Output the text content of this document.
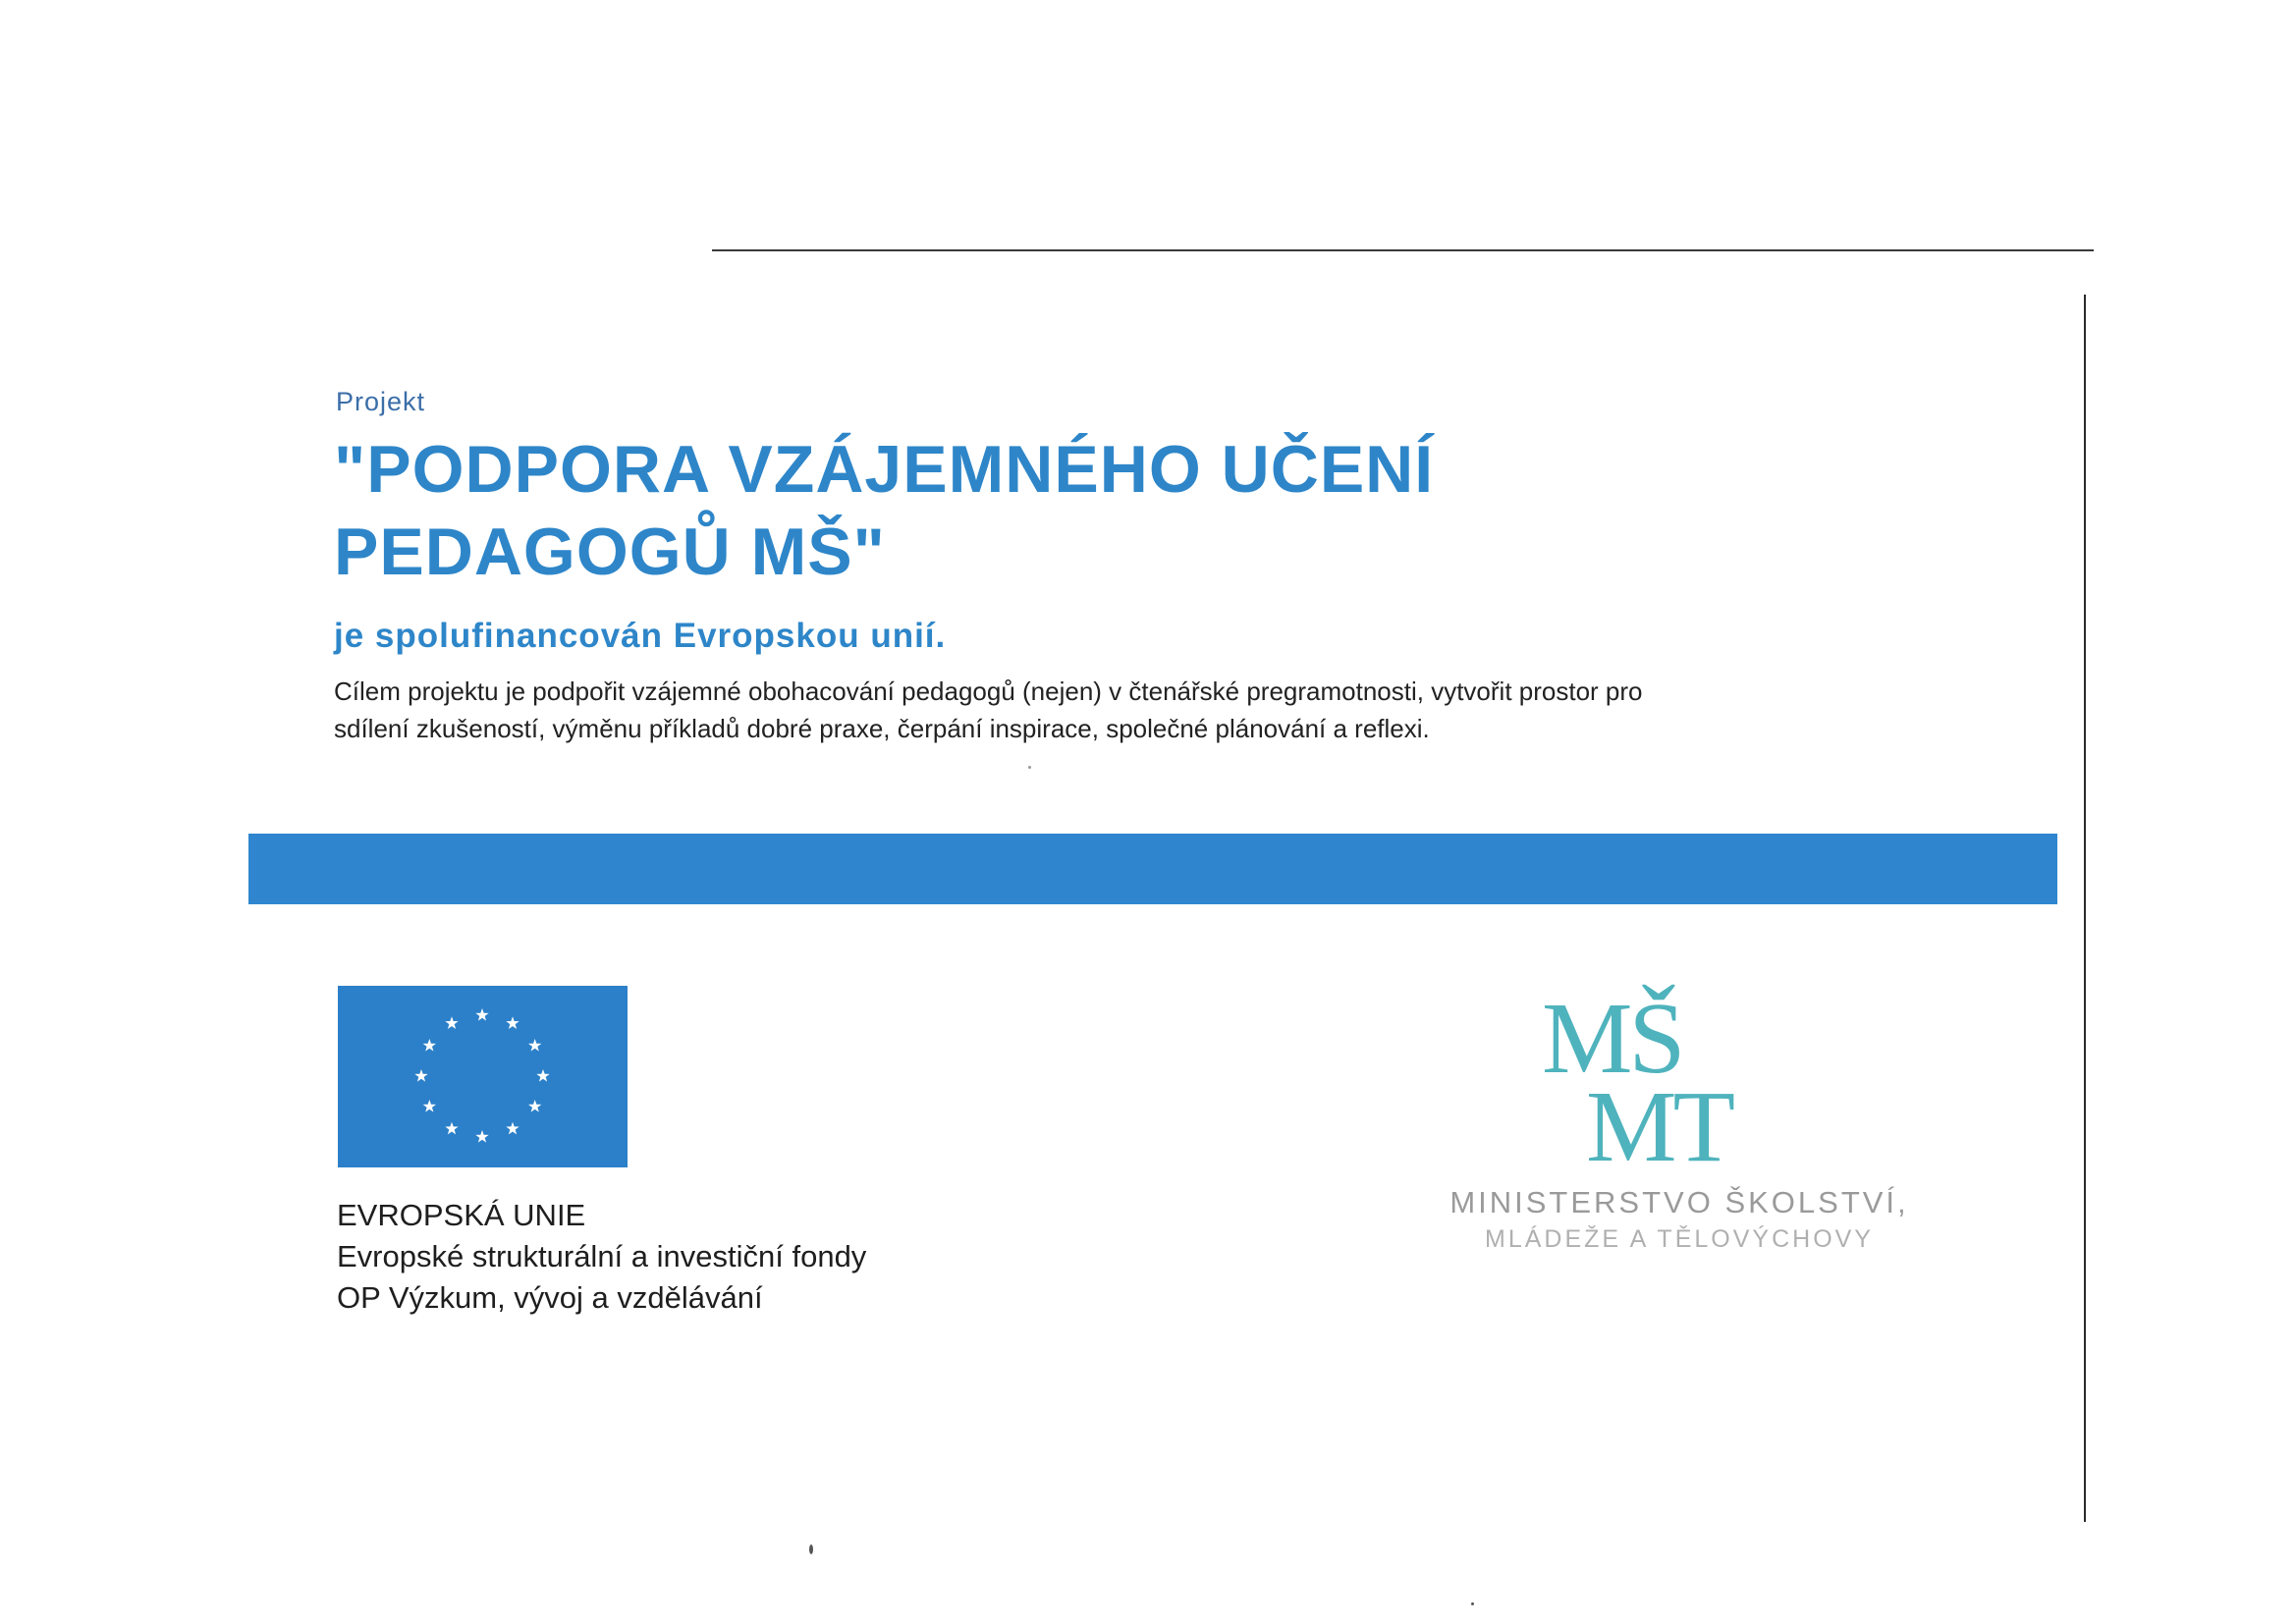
Projekt
"PODPORA VZÁJEMNÉHO UČENÍ
PEDAGOGŮ MŠ"
je spolufinancován Evropskou unií.
Cílem projektu je podpořit vzájemné obohacování pedagogů (nejen) v čtenářské pregramotnosti, vytvořit prostor pro
sdílení zkušeností, výměnu příkladů dobré praxe, čerpání inspirace, společné plánování a reflexi.
EVROPSKÁ UNIE
Evropské strukturální a investiční fondy
OP Výzkum, vývoj a vzdělávání
MŠ
MT
MINISTERSTVO ŠKOLSTVÍ,
MLÁDEŽE A TĚLOVÝCHOVY
